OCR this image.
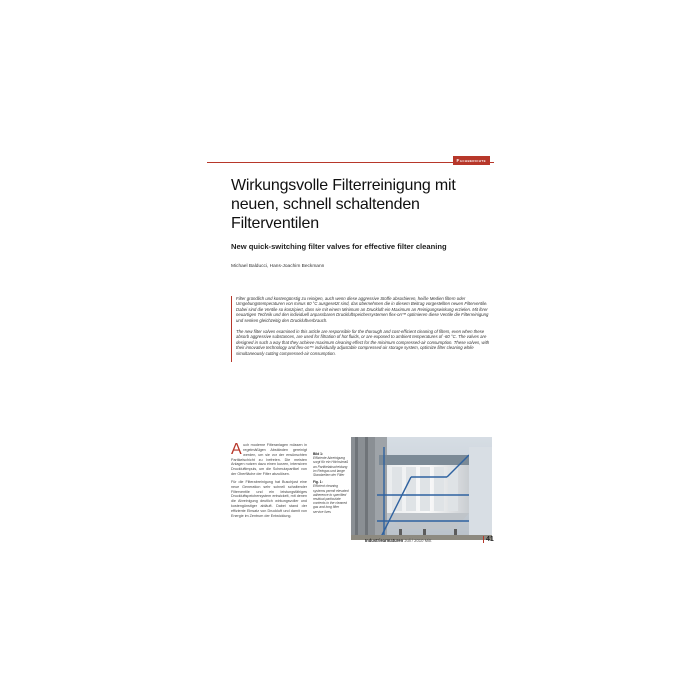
Fachberichte
Wirkungsvolle Filterreinigung mit neuen, schnell schaltenden Filterventilen
New quick-switching filter valves for effective filter cleaning
Michael Balducci, Hans-Joachim Beckmann

Filter gründlich und kostengünstig zu reinigen, auch wenn diese aggressive Stoffe absorbieren, heiße Medien filtern oder Umgebungstemperaturen von minus 60 °C ausgesetzt sind, das übernehmen die in diesem Beitrag vorgestellten neuen Filterventile. Dabei sind die Ventile so konzipiert, dass sie mit einem Minimum an Druckluft ein Maximum an Reinigungswirkung erzielen. Mit ihrer neuartigen Technik und den individuell anpassbaren Druckluftspeichersystemen flex-on™ optimieren diese Ventile die Filterreinigung und senken gleichzeitig den Druckluftverbrauch.

The new filter valves examined in this article are responsible for the thorough and cost-efficient cleaning of filters, even when these absorb aggressive substances, are used for filtration of hot fluids, or are exposed to ambient temperatures of -60 °C. The valves are designed in such a way that they achieve maximum cleaning effect for the minimum compressed-air consumption. These valves, with their innovative technology and flex-on™ individually adjustable compressed-air storage system, optimize filter cleaning while simultaneously cutting compressed-air consumption.

Auch moderne Filteranlagen müssen in regelmäßigen Abständen gereinigt werden, um sie vor der erwünschten Partikelschicht zu befreien. Die meisten Anlagen nutzen dazu einen kurzen, intensiven Druckluftimpuls, um die Schmutzpartikel von der Oberfläche der Filter abzulösen.

Für die Filterabreinigung hat Buschjost eine neue Generation sehr schnell schaltender Filterventile und ein leistungsfähiges Druckluftspeichersystem entwickelt, mit denen die Abreinigung deutlich wirkungsvoller und kostengünstiger abläuft. Dabei stand der effiziente Einsatz von Druckluft und damit von Energie im Zentrum der Entwicklung.

Bild 1:
Effiziente Abreinigung sorgt für ein Höchstmaß an Partikelabscheidung im Reingas und lange Standzeiten der Filter
Fig. 1:
Efficient cleaning systems permit elevated adherence to specified residual particulate contents in the cleaned gas and long filter service lives
Industriearmaturen Juli / 2010 Mitt	41
